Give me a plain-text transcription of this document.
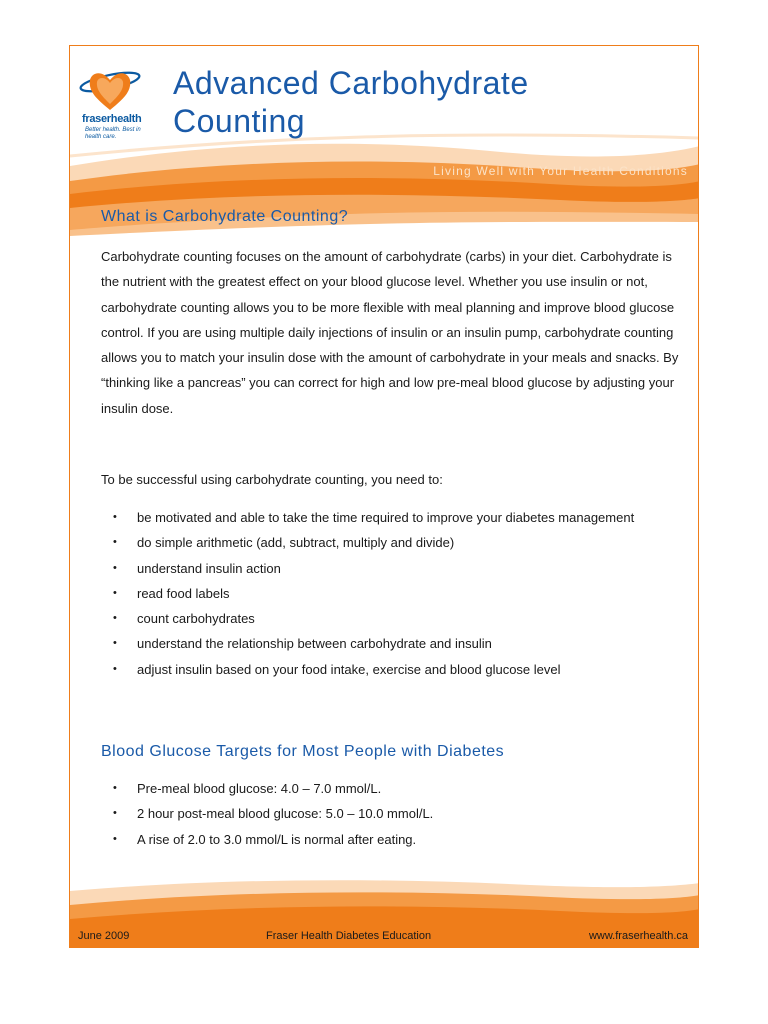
fraserhealth
Better health. Best in health care.
Advanced Carbohydrate
Counting
Living Well with Your Health Conditions
What is Carbohydrate Counting?

Carbohydrate counting focuses on the amount of carbohydrate (carbs) in your diet. Carbohydrate is the nutrient with the greatest effect on your blood glucose level. Whether you use insulin or not, carbohydrate counting allows you to be more flexible with meal planning and improve blood glucose control. If you are using multiple daily injections of insulin or an insulin pump, carbohydrate counting allows you to match your insulin dose with the amount of carbohydrate in your meals and snacks. By “thinking like a pancreas” you can correct for high and low pre-meal blood glucose by adjusting your insulin dose.

To be successful using carbohydrate counting, you need to:

• be motivated and able to take the time required to improve your diabetes management
• do simple arithmetic (add, subtract, multiply and divide)
• understand insulin action
• read food labels
• count carbohydrates
• understand the relationship between carbohydrate and insulin
• adjust insulin based on your food intake, exercise and blood glucose level
Blood Glucose Targets for Most People with Diabetes
• Pre-meal blood glucose: 4.0 – 7.0 mmol/L.
• 2 hour post-meal blood glucose: 5.0 – 10.0 mmol/L.
• A rise of 2.0 to 3.0 mmol/L is normal after eating.
June 2009	Fraser Health Diabetes Education	www.fraserhealth.ca
